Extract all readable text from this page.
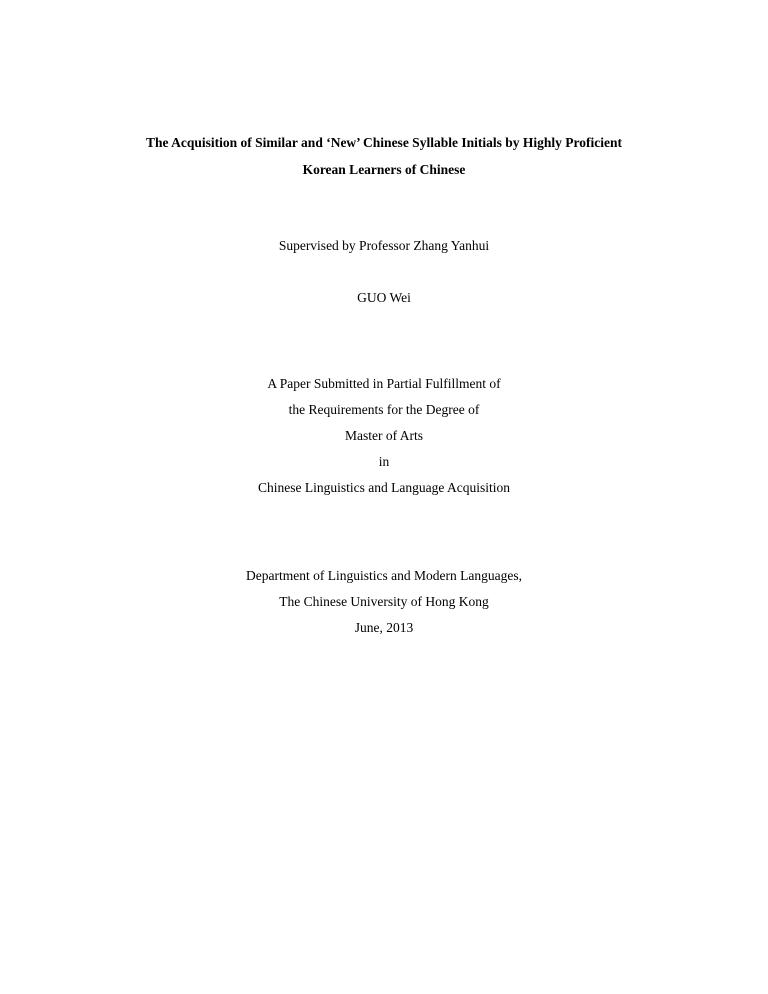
The Acquisition of Similar and ‘New’ Chinese Syllable Initials by Highly Proficient
Korean Learners of Chinese
Supervised by Professor Zhang Yanhui
GUO Wei
A Paper Submitted in Partial Fulfillment of
the Requirements for the Degree of
Master of Arts
in
Chinese Linguistics and Language Acquisition
Department of Linguistics and Modern Languages,
The Chinese University of Hong Kong
June, 2013
